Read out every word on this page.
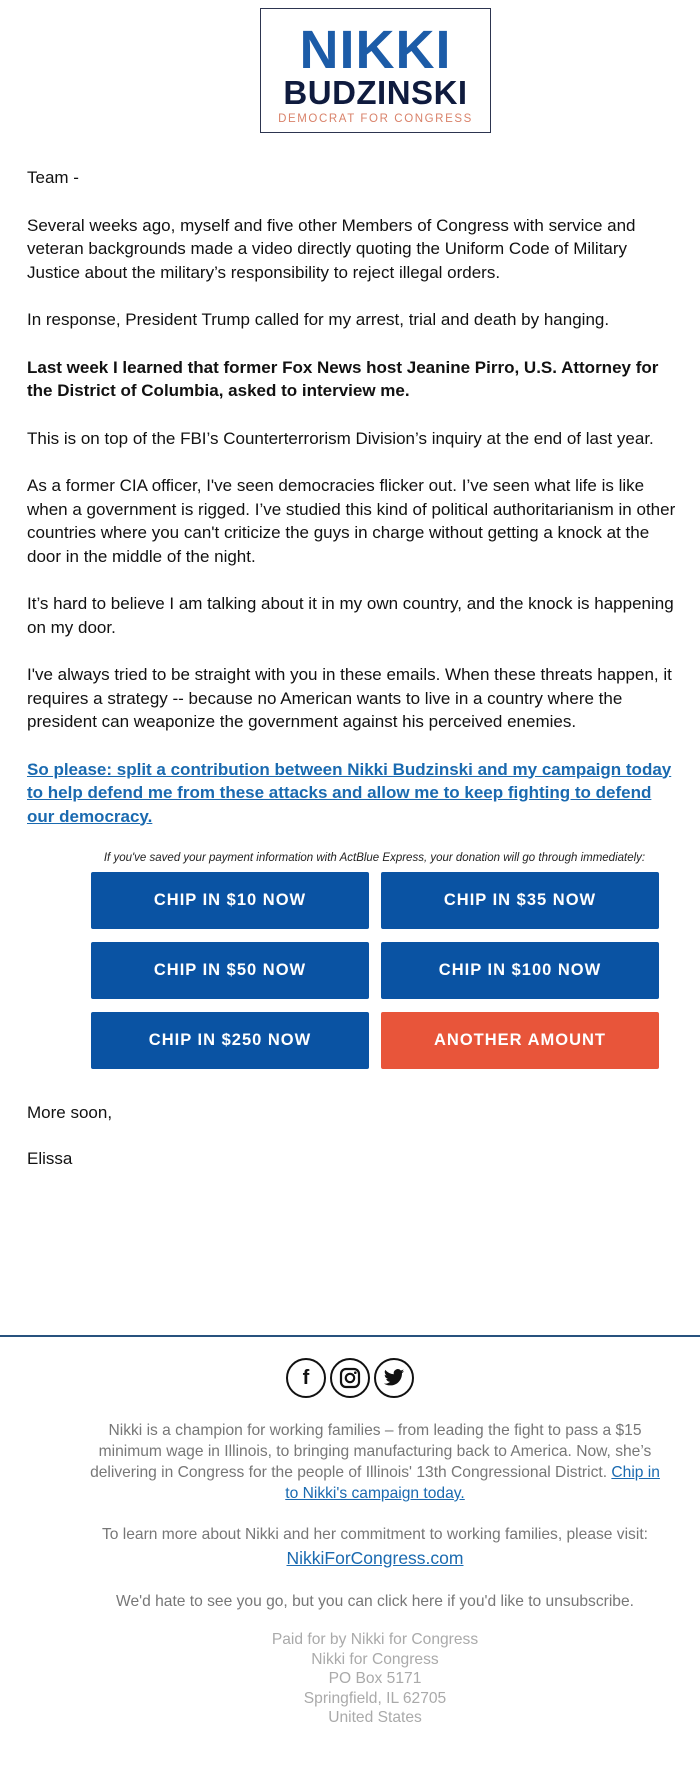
NIKKI
BUDZINSKI
DEMOCRAT FOR CONGRESS

Team -

Several weeks ago, myself and five other Members of Congress with service and veteran backgrounds made a video directly quoting the Uniform Code of Military Justice about the military’s responsibility to reject illegal orders.

In response, President Trump called for my arrest, trial and death by hanging.

Last week I learned that former Fox News host Jeanine Pirro, U.S. Attorney for the District of Columbia, asked to interview me.

This is on top of the FBI’s Counterterrorism Division’s inquiry at the end of last year.

As a former CIA officer, I've seen democracies flicker out. I’ve seen what life is like when a government is rigged. I’ve studied this kind of political authoritarianism in other countries where you can't criticize the guys in charge without getting a knock at the door in the middle of the night.

It’s hard to believe I am talking about it in my own country, and the knock is happening on my door.

I've always tried to be straight with you in these emails. When these threats happen, it requires a strategy -- because no American wants to live in a country where the president can weaponize the government against his perceived enemies.

So please: split a contribution between Nikki Budzinski and my campaign today to help defend me from these attacks and allow me to keep fighting to defend our democracy.

If you've saved your payment information with ActBlue Express, your donation will go through immediately:
CHIP IN $10 NOW	CHIP IN $35 NOW
CHIP IN $50 NOW	CHIP IN $100 NOW
CHIP IN $250 NOW	ANOTHER AMOUNT
More soon,
Elissa
f
Nikki is a champion for working families – from leading the fight to pass a $15 minimum wage in Illinois, to bringing manufacturing back to America. Now, she’s delivering in Congress for the people of Illinois' 13th Congressional District. Chip in to Nikki's campaign today.
To learn more about Nikki and her commitment to working families, please visit:
NikkiForCongress.com
We'd hate to see you go, but you can click here if you'd like to unsubscribe.
Paid for by Nikki for Congress
Nikki for Congress
PO Box 5171
Springfield, IL 62705
United States
